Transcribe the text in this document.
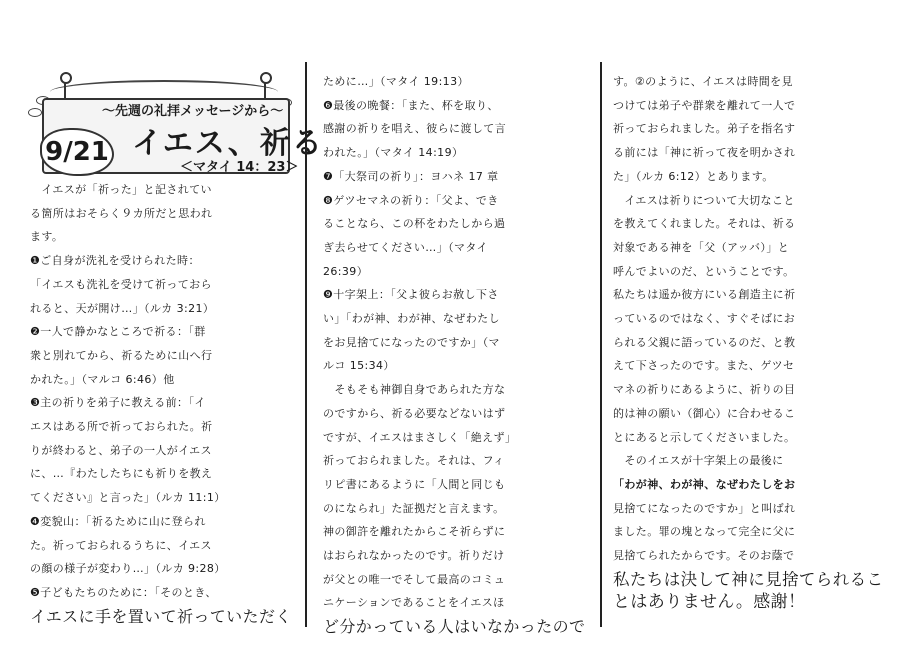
～先週の礼拝メッセージから～
9/21 イエス、祈る
＜マタイ 14：23＞

　イエスが「祈った」と記されてい

る箇所はおそらく９カ所だと思われ

ます。

❶ご自身が洗礼を受けられた時：

「イエスも洗礼を受けて祈っておら

れると、天が開け…」（ルカ 3:21）

❷一人で静かなところで祈る：「群

衆と別れてから、祈るために山へ行

かれた。」（マルコ 6:46）他

❸主の祈りを弟子に教える前：「イ

エスはある所で祈っておられた。祈

りが終わると、弟子の一人がイエス

に、…『わたしたちにも祈りを教え

てください』と言った」（ルカ 11:1）

❹変貌山：「祈るために山に登られ

た。祈っておられるうちに、イエス

の顔の様子が変わり…」（ルカ 9:28）

❺子どもたちのために：「そのとき、

イエスに手を置いて祈っていただく

ために…」（マタイ 19:13）

❻最後の晩餐：「また、杯を取り、

感謝の祈りを唱え、彼らに渡して言

われた。」（マタイ 14:19）

❼「大祭司の祈り」：ヨハネ 17 章

❽ゲツセマネの祈り：「父よ、でき

ることなら、この杯をわたしから過

ぎ去らせてください…」（マタイ

26:39）

❾十字架上：「父よ彼らお赦し下さ

い」「わが神、わが神、なぜわたし

をお見捨てになったのですか」（マ

ルコ 15:34）

　そもそも神御自身であられた方な

のですから、祈る必要などないはず

ですが、イエスはまさしく「絶えず」

祈っておられました。それは、フィ

リピ書にあるように「人間と同じも

のになられ」た証拠だと言えます。

神の御許を離れたからこそ祈らずに

はおられなかったのです。祈りだけ

が父との唯一でそして最高のコミュ

ニケーションであることをイエスほ

ど分かっている人はいなかったので

す。②のように、イエスは時間を見

つけては弟子や群衆を離れて一人で

祈っておられました。弟子を指名す

る前には「神に祈って夜を明かされ

た」（ルカ 6:12）とあります。

　イエスは祈りについて大切なこと

を教えてくれました。それは、祈る

対象である神を「父（アッバ）」と

呼んでよいのだ、ということです。

私たちは遥か彼方にいる創造主に祈

っているのではなく、すぐそばにお

られる父親に語っているのだ、と教

えて下さったのです。また、ゲツセ

マネの祈りにあるように、祈りの目

的は神の願い（御心）に合わせるこ

とにあると示してくださいました。

　そのイエスが十字架上の最後に

「わが神、わが神、なぜわたしをお

見捨てになったのですか」と叫ばれ

ました。罪の塊となって完全に父に

見捨てられたからです。そのお蔭で

私たちは決して神に見捨てられるこ

とはありません。感謝！
